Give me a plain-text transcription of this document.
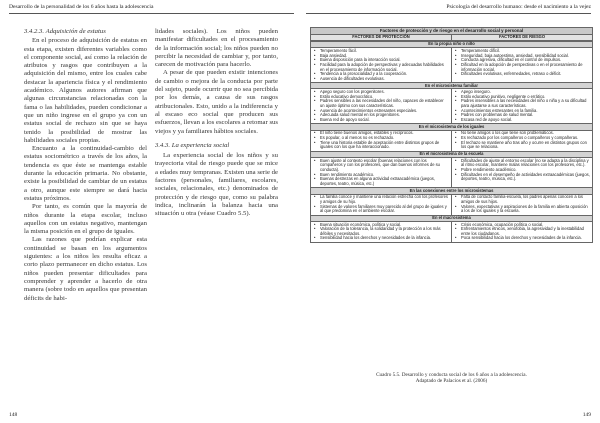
Desarrollo de la personalidad de los 6 años hasta la adolescencia
3.4.2.3. Adquisición de estatus

En el proceso de adquisición de estatus en esta etapa, existen diferentes variables como el componente social, así como la relación de atributos y rasgos que contribuyen a la adquisición del mismo, entre los cuales cabe destacar la apariencia física y el rendimiento académico. Algunos autores afirman que algunas circunstancias relacionadas con la fama o las habilidades, pueden condicionar a que un niño ingrese en el grupo ya con un estatus social de rechazo sin que se haya tenido la posibilidad de mostrar las habilidades sociales propias.

Encuanto a la continuidad-cambio del estatus sociométrico a través de los años, la tendencia es que éste se mantenga estable durante la educación primaria. No obstante, existe la posibilidad de cambiar de un estatus a otro, aunque este siempre se dará hacia estatus próximos.

Por tanto, es común que la mayoría de niños durante la etapa escolar, incluso aquellos con un estatus negativo, mantengan la misma posición en el grupo de iguales.

Las razones que podrían explicar esta continuidad se basan en los argumentos siguientes: a los niños les resulta eficaz a corto plazo permanecer en dicho estatus. Los niños pueden presentar dificultades para comprender y aprender a hacerlo de otra manera (sobre todo en aquellos que presentan déficits de habi-

lidades sociales). Los niños pueden manifestar dificultades en el procesamiento de la información social; los niños pueden no percibir la necesidad de cambiar y, por tanto, carecen de motivación para hacerlo.

A pesar de que pueden existir intenciones de cambio o mejora de la conducta por parte del sujeto, puede ocurrir que no sea percibida por los demás, a causa de sus rasgos atribucionales. Esto, unido a la indiferencia y al escaso eco social que producen sus esfuerzos, llevan a los escolares a retomar sus viejos y ya familiares hábitos sociales.

3.4.3. La experiencia social

La experiencia social de los niños y su trayectoria vital de riesgo puede que se mice a edades muy tempranas. Existen una serie de factores (personales, familiares, escolares, sociales, relacionales, etc.) denominados de protección y de riesgo que, como su palabra indica, inclinarán la balanza hacia una situación u otra (véase Cuadro 5.5).

148
Psicología del desarrollo humano: desde el nacimiento a la vejez
Factores de protección y de riesgo en el desarrollo social y personal
FACTORES DE PROTECCIÓN	FACTORES DE RIESGO
En la propia niño o niño
• Temperamento fácil.
• Baja ansiedad.
• Buena disposición para la interacción social.
• Facilidad para la adopción de perspectivas y adecuadas habilidades en el procesamiento de información social.
• Tendencia a la prosocialidad y a la cooperación.
• Ausencia de dificultades evolutivas.
• Temperamento difícil.
• Inseguridad, baja autoestima, ansiedad, sensibilidad social.
• Conducta agresiva, dificultad en el control de impulsos.
• Dificultad en la adopción de perspectivas o en el procesamiento de información social.
• Dificultades evolutivas, enfermedades, retraso o déficit.
En el microsistema familiar
• Apego seguro con los progenitores.
• Estilo educativo democrático.
• Padres sensibles a las necesidades del niño, capaces de establecer un ajuste óptimo con sus características.
• Ausencia de acontecimientos estresantes especiales.
• Adecuada salud mental en los progenitores.
• Buena red de apoyo social.
• Apego inseguro.
• Estilo educativo punitivo, negligente o errático.
• Padres insensibles a las necesidades del niño o niña y a su dificultad para ajustarse a sus características.
• Acontecimientos estresantes en la familia.
• Padres con problemas de salud mental.
• Escasa red de apoyo social.
En el microsistema de los iguales
• El niño tiene buenos amigos, estables y recíprocos.
• Es popular, o al menos no es rechazado.
• Tiene una historia estable de aceptación entre distintos grupos de iguales con los que ha interaccionado.
• No tiene amigos o los que tiene son problemáticos.
• Es rechazado por los compañeros o compañeros y compañeras.
• El rechazo se mantiene año tras año y ocurre en distintos grupos con los que se relaciona.
En el microsistema de la escuela
• Buen ajuste al contexto escolar (buenas relaciones con los compañeros y con los profesores, que dan buenos informes de su conducta).
• Buen rendimiento académico.
• Buenas destrezas en alguna actividad extraacadémica (juegos, deportes, teatro, música, etc.)
• Dificultades de ajuste al entorno escolar (no se adapta a la disciplina y al ritmo escolar, mantiene malas relaciones con los profesores, etc.).
• Pobre rendimiento académico.
• Dificultades en el desempeño de actividades extraacadémicas (juegos, deportes, teatro, música, etc.).
En las conexiones entre los microsistemas
• La familia conoce y mantiene una relación estrecha con los profesores y amigos de su hijo.
• Sistemas de valores familiares muy parecido al del grupo de iguales y al que predomina en el ambiente escolar.
• Falta de contacto familia-escuela, los padres apenas conocen a los amigos de sus hijos.
• Valores, expectativas y aspiraciones de la familia en abierta oposición a los de los iguales y la escuela.
En el macrosistema
• Buena situación económica, política y social.
• Valoración de la tolerancia, la solidaridad y la protección a los más débiles y necesitados.
• Sensibilidad hacia los derechos y necesidades de la infancia.
• Crisis económica, ocupación política o social.
• Enfrentamientos étnicos, xenofobia, la agresividad y la inestabilidad entre los ciudadanos.
• Poca sensibilidad hacia los derechos y necesidades de la infancia.
Cuadro 5.5. Desarrollo y conducta social de los 6 años a la adolescencia.
Adaptado de Palacios et al. (2006)
149
